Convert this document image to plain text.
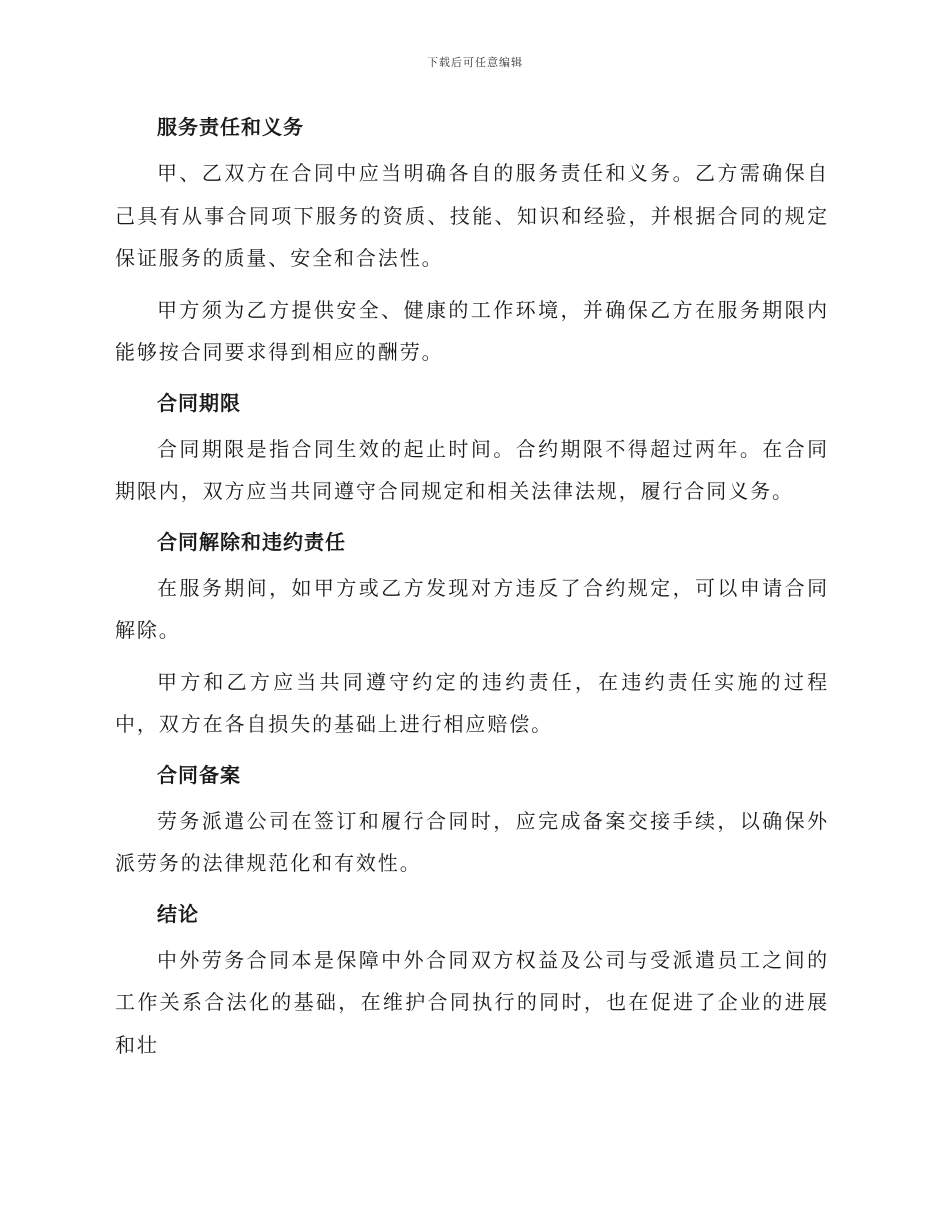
下载后可任意编辑
服务责任和义务

甲、乙双方在合同中应当明确各自的服务责任和义务。乙方需确保自己具有从事合同项下服务的资质、技能、知识和经验，并根据合同的规定保证服务的质量、安全和合法性。

甲方须为乙方提供安全、健康的工作环境，并确保乙方在服务期限内能够按合同要求得到相应的酬劳。

合同期限

合同期限是指合同生效的起止时间。合约期限不得超过两年。在合同期限内，双方应当共同遵守合同规定和相关法律法规，履行合同义务。

合同解除和违约责任

在服务期间，如甲方或乙方发现对方违反了合约规定，可以申请合同解除。

甲方和乙方应当共同遵守约定的违约责任，在违约责任实施的过程中，双方在各自损失的基础上进行相应赔偿。

合同备案

劳务派遣公司在签订和履行合同时，应完成备案交接手续，以确保外派劳务的法律规范化和有效性。

结论

中外劳务合同本是保障中外合同双方权益及公司与受派遣员工之间的工作关系合法化的基础，在维护合同执行的同时，也在促进了企业的进展和壮
